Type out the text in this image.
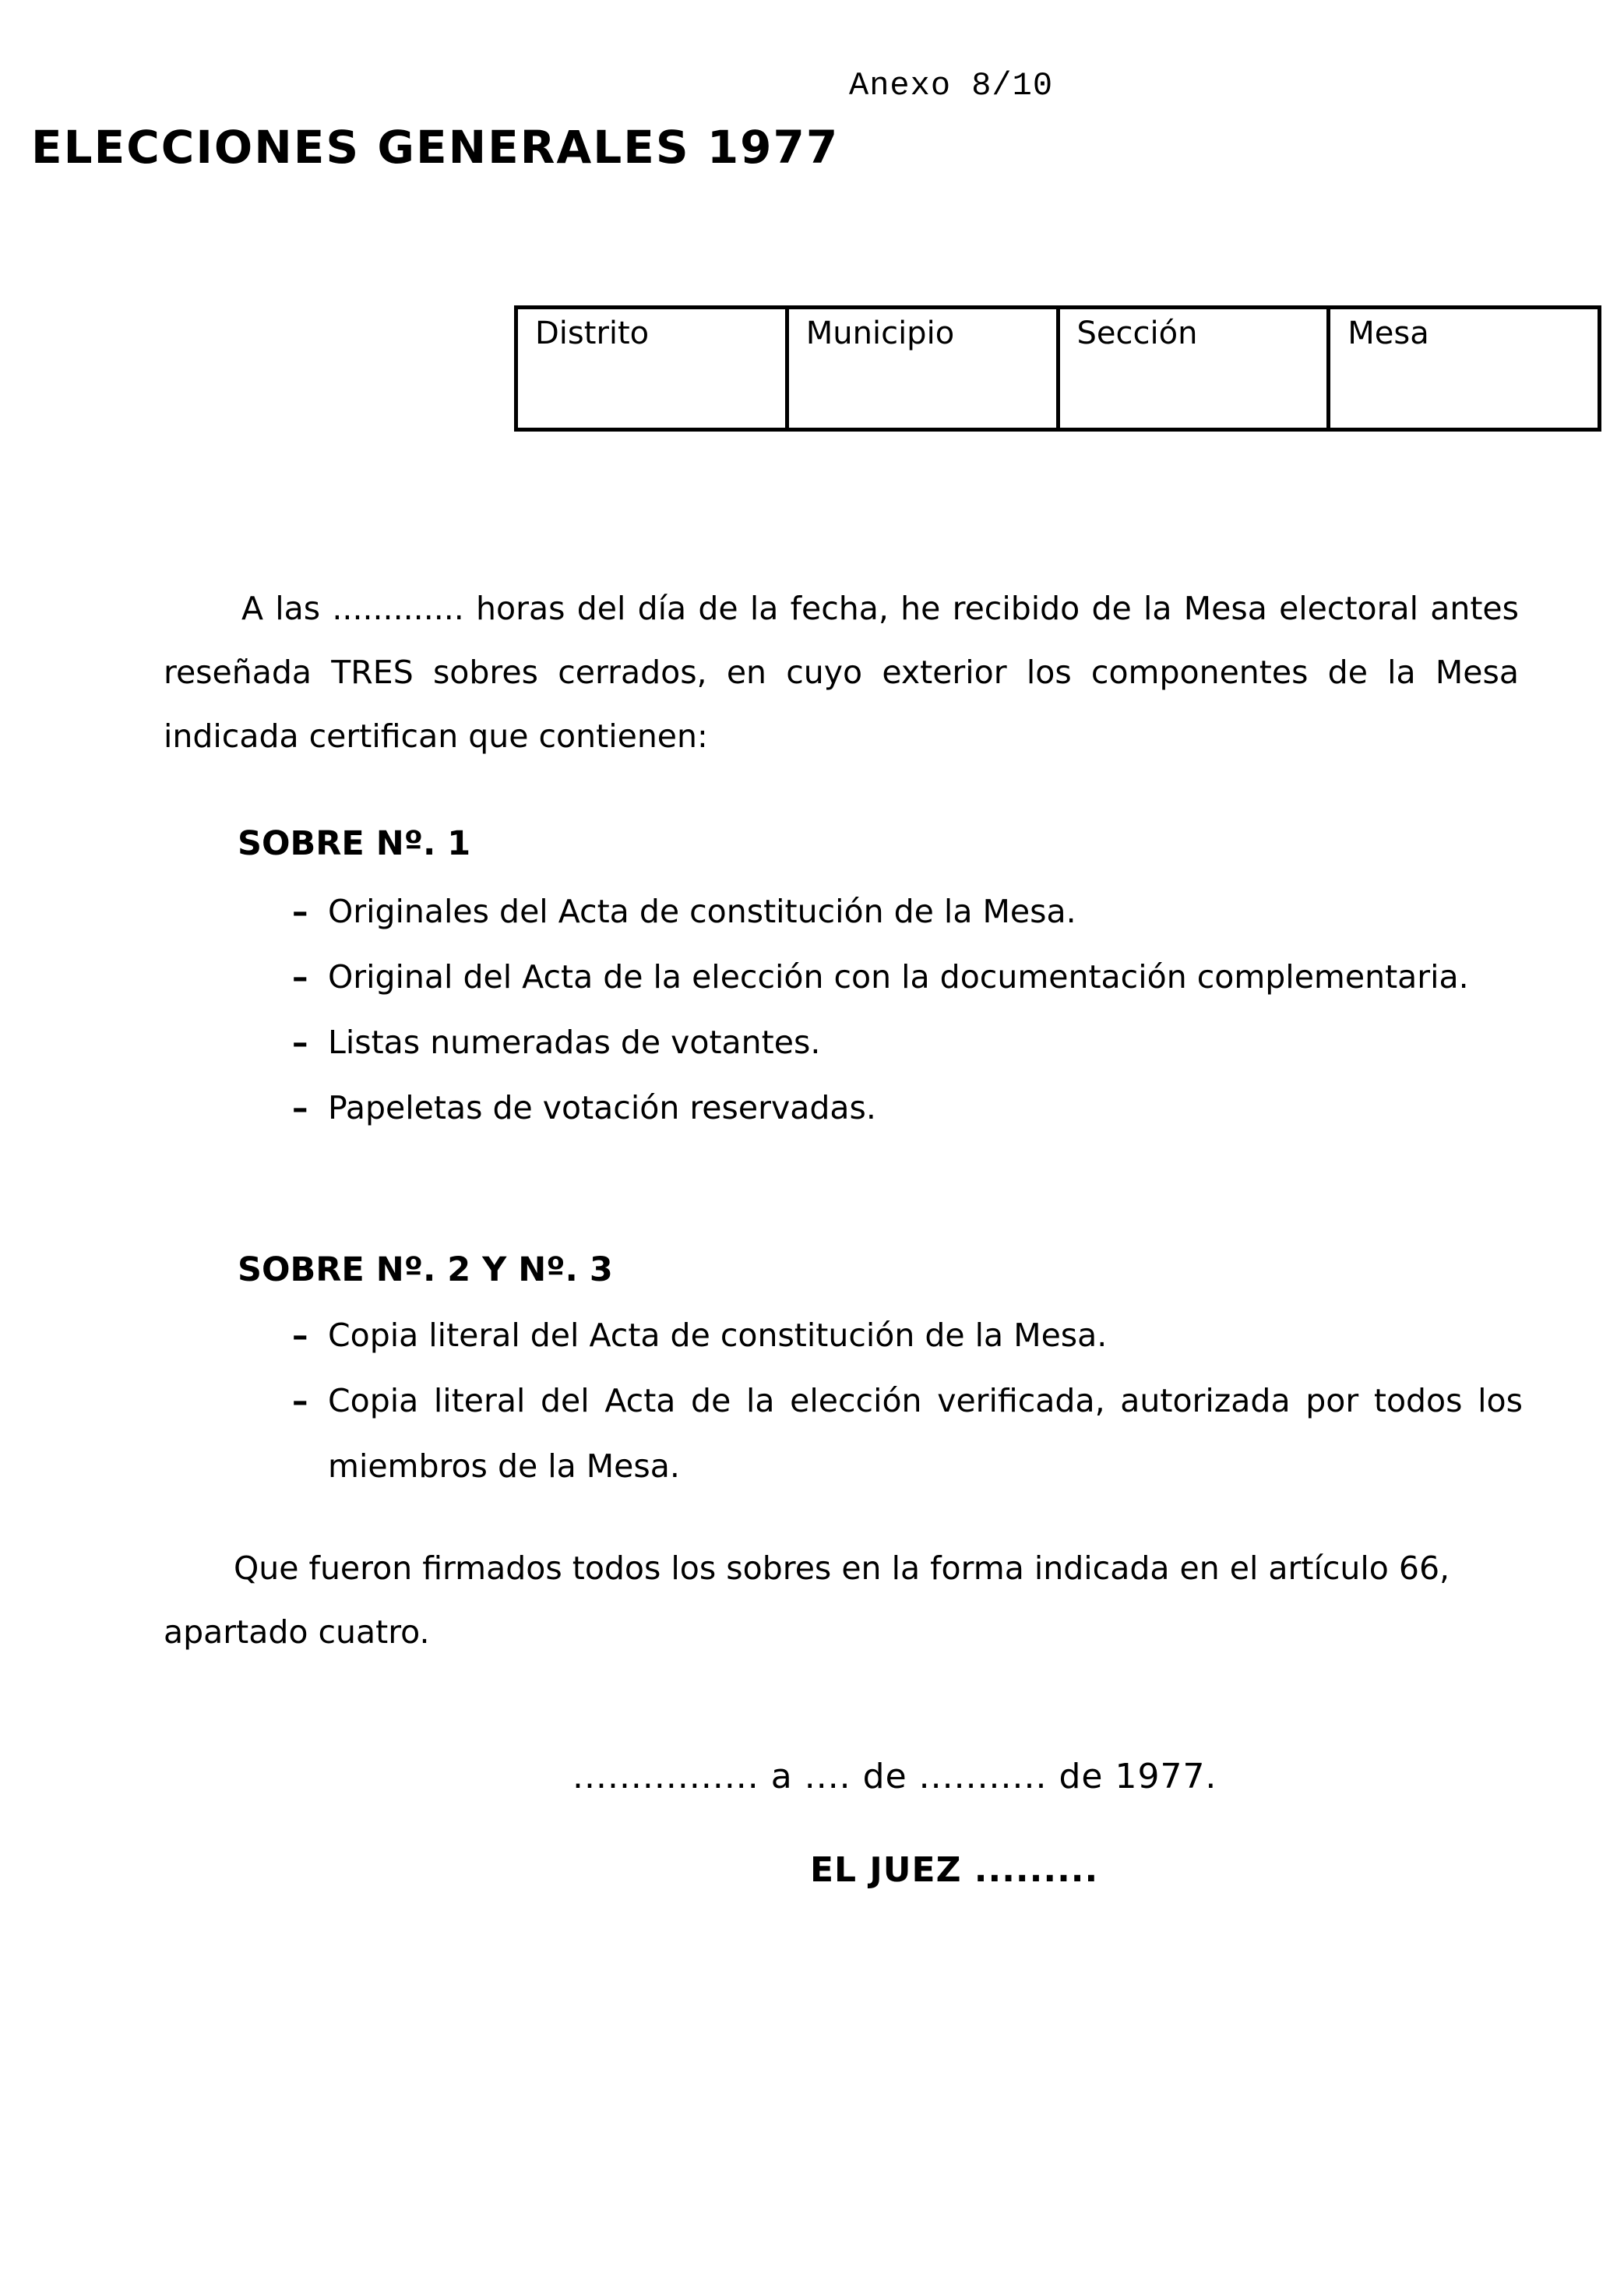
Anexo 8/10
ELECCIONES GENERALES 1977
Distrito	Municipio	Sección	Mesa

A las ............. horas del día de la fecha, he recibido de la Mesa electoral antes reseñada TRES sobres cerrados, en cuyo exterior los componentes de la Mesa indicada certifican que contienen:

SOBRE Nº. 1
– Originales del Acta de constitución de la Mesa.
– Original del Acta de la elección con la documentación complementaria.
– Listas numeradas de votantes.
– Papeletas de votación reservadas.
SOBRE Nº. 2 Y Nº. 3
– Copia literal del Acta de constitución de la Mesa.
– Copia literal del Acta de la elección verificada, autorizada por todos los miembros de la Mesa.

Que fueron firmados todos los sobres en la forma indicada en el artículo 66, apartado cuatro.

................ a .... de ........... de 1977.
EL JUEZ .........
